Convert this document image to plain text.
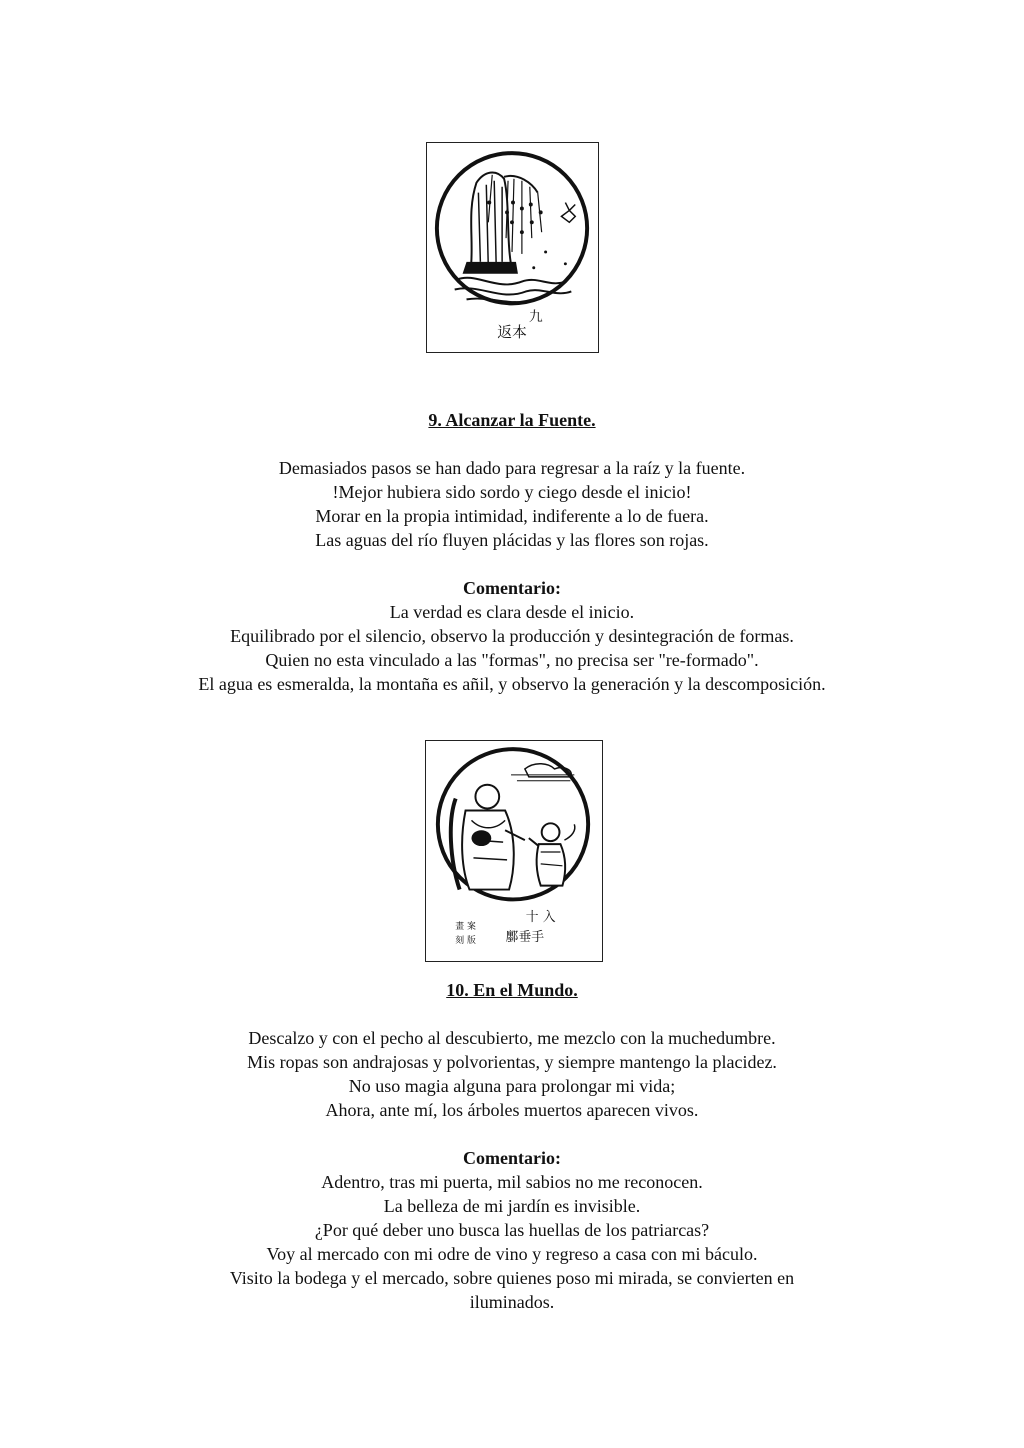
九
返本

9. Alcanzar la Fuente.

Demasiados pasos se han dado para regresar a la raíz y la fuente.

!Mejor hubiera sido sordo y ciego desde el inicio!

Morar en la propia intimidad, indiferente a lo de fuera.

Las aguas del río fluyen plácidas y las flores son rojas.

Comentario:

La verdad es clara desde el inicio.

Equilibrado por el silencio, observo la producción y desintegración de formas.

Quien no esta vinculado a las "formas", no precisa ser "re-formado".

El agua es esmeralda, la montaña es añil, y observo la generación y la descomposición.

十 入
鄽垂手
畫 案
刻 版

10. En el Mundo.

Descalzo y con el pecho al descubierto, me mezclo con la muchedumbre.

Mis ropas son andrajosas y polvorientas, y siempre mantengo la placidez.

No uso magia alguna para prolongar mi vida;

Ahora, ante mí, los árboles muertos aparecen vivos.

Comentario:

Adentro, tras mi puerta, mil sabios no me reconocen.

La belleza de mi jardín es invisible.

¿Por qué deber uno busca las huellas de los patriarcas?

Voy al mercado con mi odre de vino y regreso a casa con mi báculo.

Visito la bodega y el mercado, sobre quienes poso mi mirada, se convierten en

iluminados.
